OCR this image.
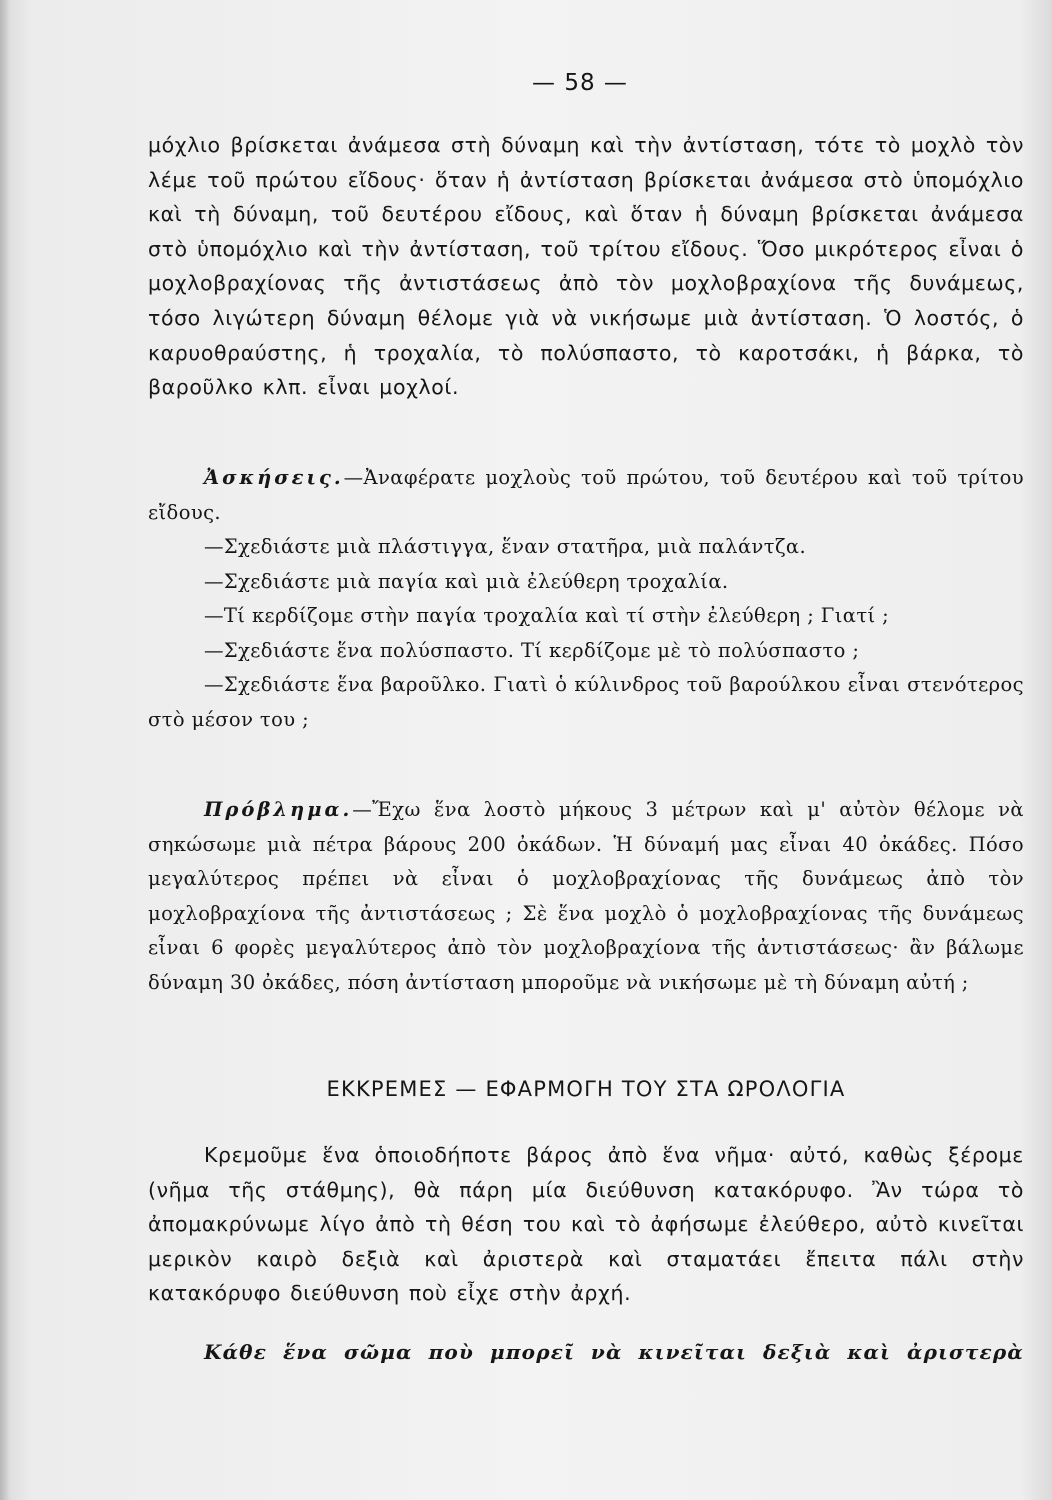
— 58 —

μόχλιο βρίσκεται ἀνάμεσα στὴ δύναμη καὶ τὴν ἀντίσταση, τότε τὸ μοχλὸ τὸν λέμε τοῦ πρώτου εἴδους· ὅταν ἡ ἀντίσταση βρίσκεται ἀνάμεσα στὸ ὑπομόχλιο καὶ τὴ δύναμη, τοῦ δευτέρου εἴδους, καὶ ὅταν ἡ δύναμη βρίσκεται ἀνάμεσα στὸ ὑπομόχλιο καὶ τὴν ἀντίσταση, τοῦ τρίτου εἴδους. Ὅσο μικρότερος εἶναι ὁ μοχλοβραχίονας τῆς ἀντιστάσεως ἀπὸ τὸν μοχλοβραχίονα τῆς δυνάμεως, τόσο λιγώτερη δύναμη θέλομε γιὰ νὰ νικήσωμε μιὰ ἀντίσταση. Ὁ λοστός, ὁ καρυοθραύστης, ἡ τροχαλία, τὸ πολύσπαστο, τὸ καροτσάκι, ἡ βάρκα, τὸ βαροῦλκο κλπ. εἶναι μοχλοί.

Ἀσκήσεις.—Ἀναφέρατε μοχλοὺς τοῦ πρώτου, τοῦ δευτέρου καὶ τοῦ τρίτου εἴδους.

—Σχεδιάστε μιὰ πλάστιγγα, ἕναν στατῆρα, μιὰ παλάντζα.

—Σχεδιάστε μιὰ παγία καὶ μιὰ ἐλεύθερη τροχαλία.

—Τί κερδίζομε στὴν παγία τροχαλία καὶ τί στὴν ἐλεύθερη ; Γιατί ;

—Σχεδιάστε ἕνα πολύσπαστο. Τί κερδίζομε μὲ τὸ πολύσπαστο ;

—Σχεδιάστε ἕνα βαροῦλκο. Γιατὶ ὁ κύλινδρος τοῦ βαρούλκου εἶναι στενότερος στὸ μέσον του ;

Πρόβλημα.—Ἔχω ἕνα λοστὸ μήκους 3 μέτρων καὶ μ' αὐτὸν θέλομε νὰ σηκώσωμε μιὰ πέτρα βάρους 200 ὀκάδων. Ἡ δύναμή μας εἶναι 40 ὀκάδες. Πόσο μεγαλύτερος πρέπει νὰ εἶναι ὁ μοχλοβραχίονας τῆς δυνάμεως ἀπὸ τὸν μοχλοβραχίονα τῆς ἀντιστάσεως ; Σὲ ἕνα μοχλὸ ὁ μοχλοβραχίονας τῆς δυνάμεως εἶναι 6 φορὲς μεγαλύτερος ἀπὸ τὸν μοχλοβραχίονα τῆς ἀντιστάσεως· ἂν βάλωμε δύναμη 30 ὀκάδες, πόση ἀντίσταση μποροῦμε νὰ νικήσωμε μὲ τὴ δύναμη αὐτή ;

ΕΚΚΡΕΜΕΣ — ΕΦΑΡΜΟΓΗ ΤΟΥ ΣΤΑ ΩΡΟΛΟΓΙΑ

Κρεμοῦμε ἕνα ὁποιοδήποτε βάρος ἀπὸ ἕνα νῆμα· αὐτό, καθὼς ξέρομε (νῆμα τῆς στάθμης), θὰ πάρη μία διεύθυνση κατακόρυφο. Ἂν τώρα τὸ ἀπομακρύνωμε λίγο ἀπὸ τὴ θέση του καὶ τὸ ἀφήσωμε ἐλεύθερο, αὐτὸ κινεῖται μερικὸν καιρὸ δεξιὰ καὶ ἀριστερὰ καὶ σταματάει ἔπειτα πάλι στὴν κατακόρυφο διεύθυνση ποὺ εἶχε στὴν ἀρχή.

Κάθε ἕνα σῶμα ποὺ μπορεῖ νὰ κινεῖται δεξιὰ καὶ ἀριστερὰ
